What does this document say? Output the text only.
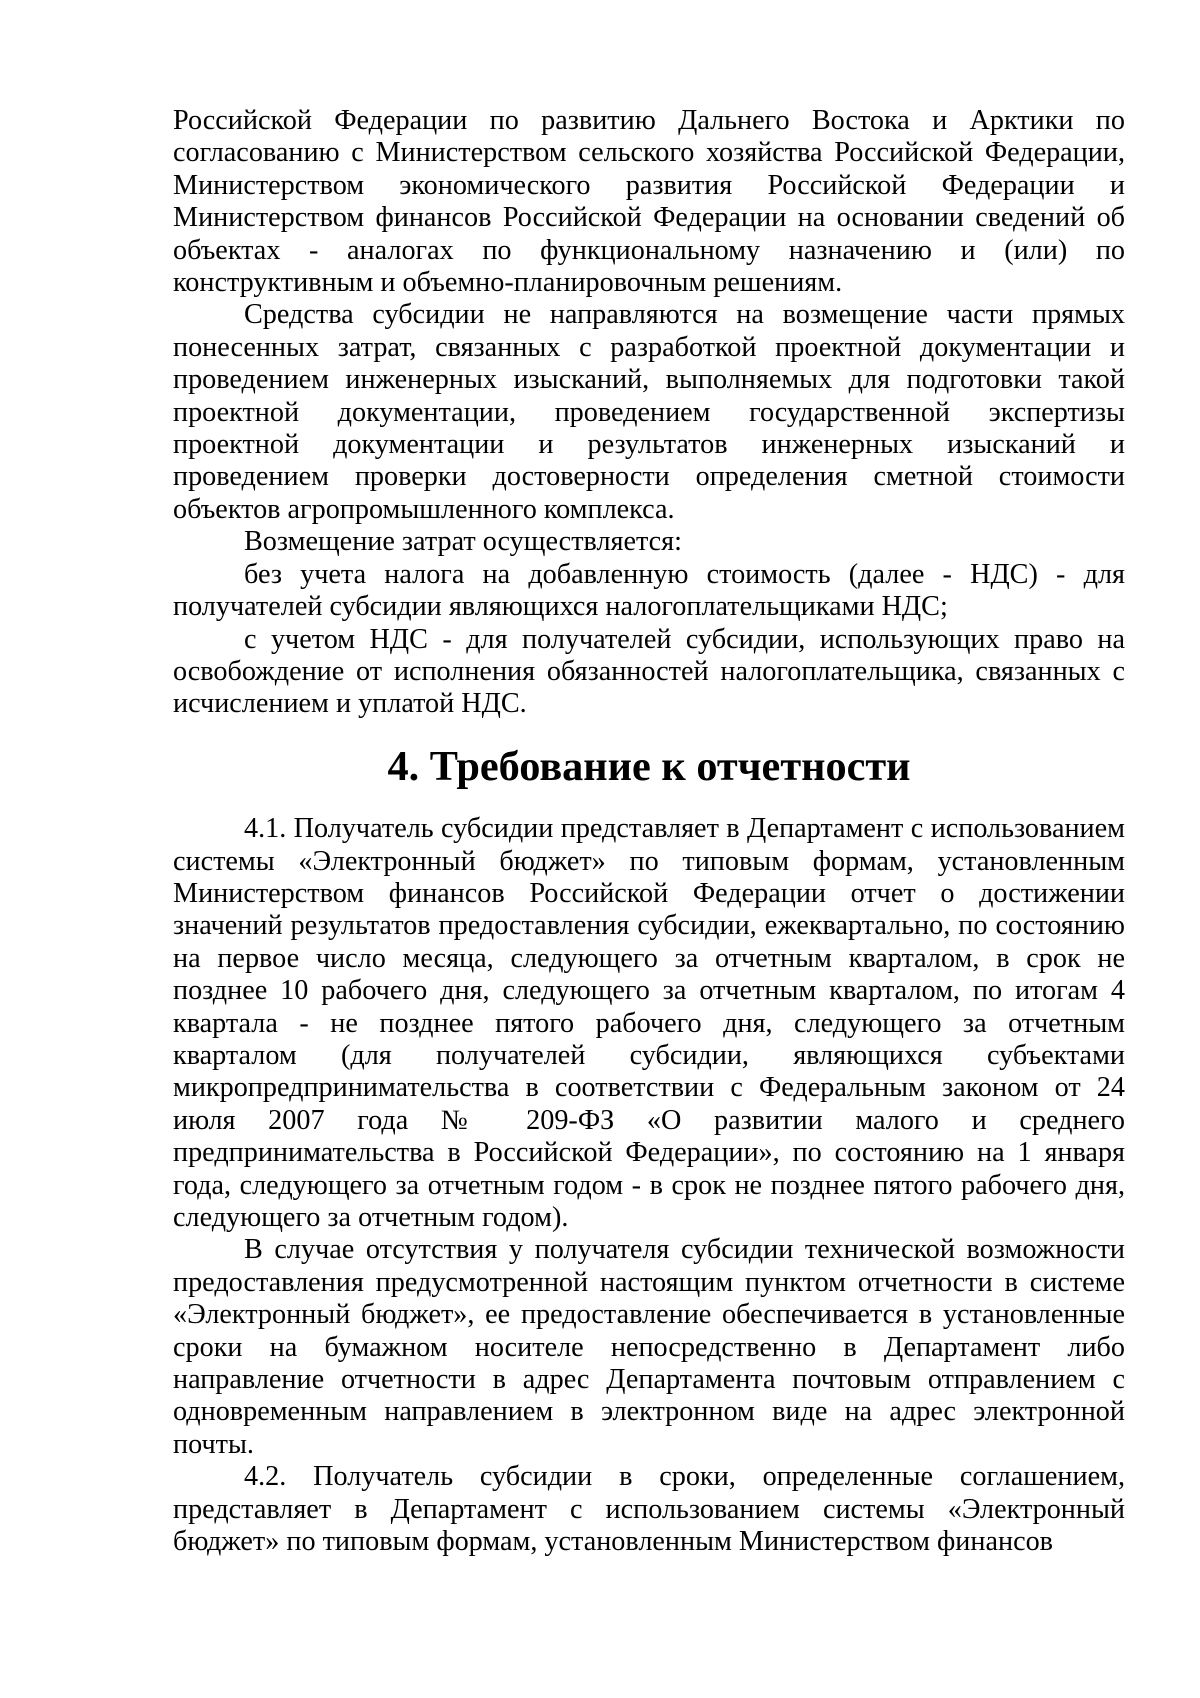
Российской Федерации по развитию Дальнего Востока и Арктики по согласованию с Министерством сельского хозяйства Российской Федерации, Министерством экономического развития Российской Федерации и Министерством финансов Российской Федерации на основании сведений об объектах - аналогах по функциональному назначению и (или) по конструктивным и объемно-планировочным решениям.

Средства субсидии не направляются на возмещение части прямых понесенных затрат, связанных с разработкой проектной документации и проведением инженерных изысканий, выполняемых для подготовки такой проектной документации, проведением государственной экспертизы проектной документации и результатов инженерных изысканий и проведением проверки достоверности определения сметной стоимости объектов агропромышленного комплекса.

Возмещение затрат осуществляется:

без учета налога на добавленную стоимость (далее - НДС) - для получателей субсидии являющихся налогоплательщиками НДС;

с учетом НДС - для получателей субсидии, использующих право на освобождение от исполнения обязанностей налогоплательщика, связанных с исчислением и уплатой НДС.

4. Требование к отчетности

4.1. Получатель субсидии представляет в Департамент с использованием системы «Электронный бюджет» по типовым формам, установленным Министерством финансов Российской Федерации отчет о достижении значений результатов предоставления субсидии, ежеквартально, по состоянию на первое число месяца, следующего за отчетным кварталом, в срок не позднее 10 рабочего дня, следующего за отчетным кварталом, по итогам 4 квартала - не позднее пятого рабочего дня, следующего за отчетным кварталом (для получателей субсидии, являющихся субъектами микропредпринимательства в соответствии с Федеральным законом от 24 июля 2007 года № 209-ФЗ «О развитии малого и среднего предпринимательства в Российской Федерации», по состоянию на 1 января года, следующего за отчетным годом - в срок не позднее пятого рабочего дня, следующего за отчетным годом).

В случае отсутствия у получателя субсидии технической возможности предоставления предусмотренной настоящим пунктом отчетности в системе «Электронный бюджет», ее предоставление обеспечивается в установленные сроки на бумажном носителе непосредственно в Департамент либо направление отчетности в адрес Департамента почтовым отправлением с одновременным направлением в электронном виде на адрес электронной почты.

4.2. Получатель субсидии в сроки, определенные соглашением, представляет в Департамент с использованием системы «Электронный бюджет» по типовым формам, установленным Министерством финансов
